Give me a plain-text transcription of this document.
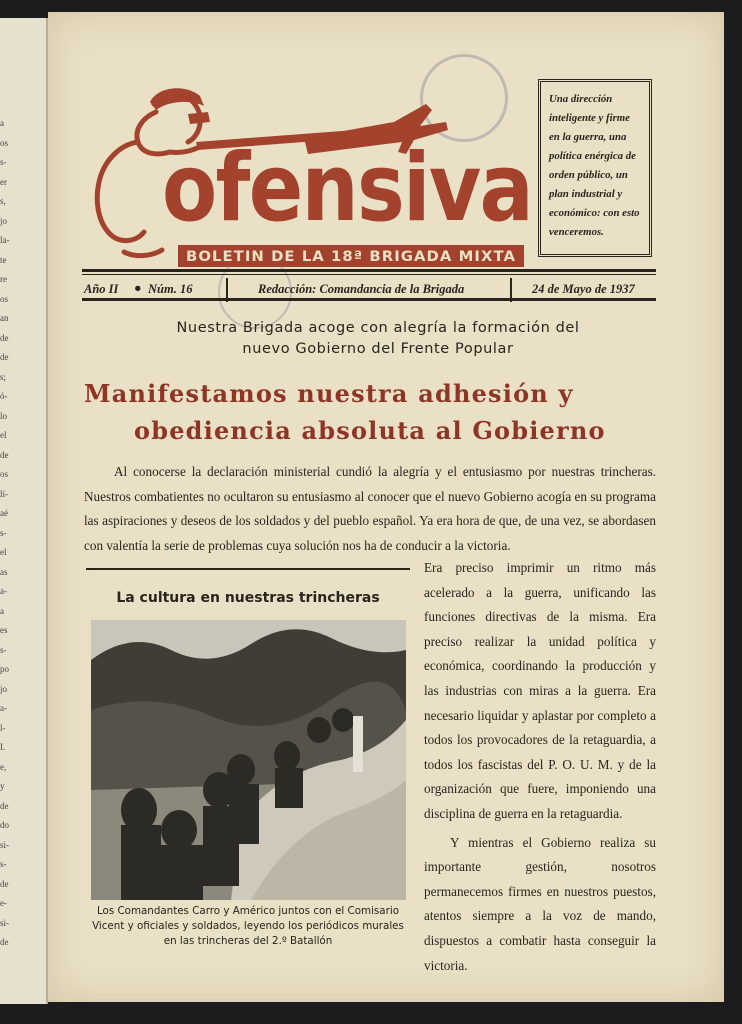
a
os
s-
er
s,
jo
la-
te
re
os
an
de
de
s;
ó-
lo
el
de
os
lí-
aé
s-
el
as
a-
a
es
s-
po
jo
a-
l-
I.
e,
y
de
do
si-
s-
de
e-
si-
de
ofensiva
BOLETIN DE LA 18ª BRIGADA MIXTA
Una dirección inteligente y firme en la guerra, una política enérgica de orden público, un plan industrial y económico: con esto venceremos.
Año II ● Núm. 16	Redacción: Comandancia de la Brigada	24 de Mayo de 1937
Nuestra Brigada acoge con alegría la formación del
nuevo Gobierno del Frente Popular
Manifestamos nuestra adhesión y
obediencia absoluta al Gobierno

Al conocerse la declaración ministerial cundió la alegría y el entusiasmo por nuestras trincheras. Nuestros combatientes no ocultaron su entusiasmo al conocer que el nuevo Gobierno acogía en su programa las aspiraciones y deseos de los soldados y del pueblo español. Ya era hora de que, de una vez, se abordasen con valentía la serie de problemas cuya solución nos ha de conducir a la victoria.

La cultura en nuestras trincheras
Los Comandantes Carro y Américo juntos con el Comisario Vicent y oficiales y soldados, leyendo los periódicos murales en las trincheras del 2.º Batallón

Era preciso imprimir un ritmo más acelerado a la guerra, unificando las funciones directivas de la misma. Era preciso realizar la unidad política y económica, coordinando la producción y las industrias con miras a la guerra. Era necesario liquidar y aplastar por completo a todos los provocadores de la retaguardia, a todos los fascistas del P. O. U. M. y de la organización que fuere, imponiendo una disciplina de guerra en la retaguardia.

Y mientras el Gobierno realiza su importante gestión, nosotros permanecemos firmes en nuestros puestos, atentos siempre a la voz de mando, dispuestos a combatir hasta conseguir la victoria.
